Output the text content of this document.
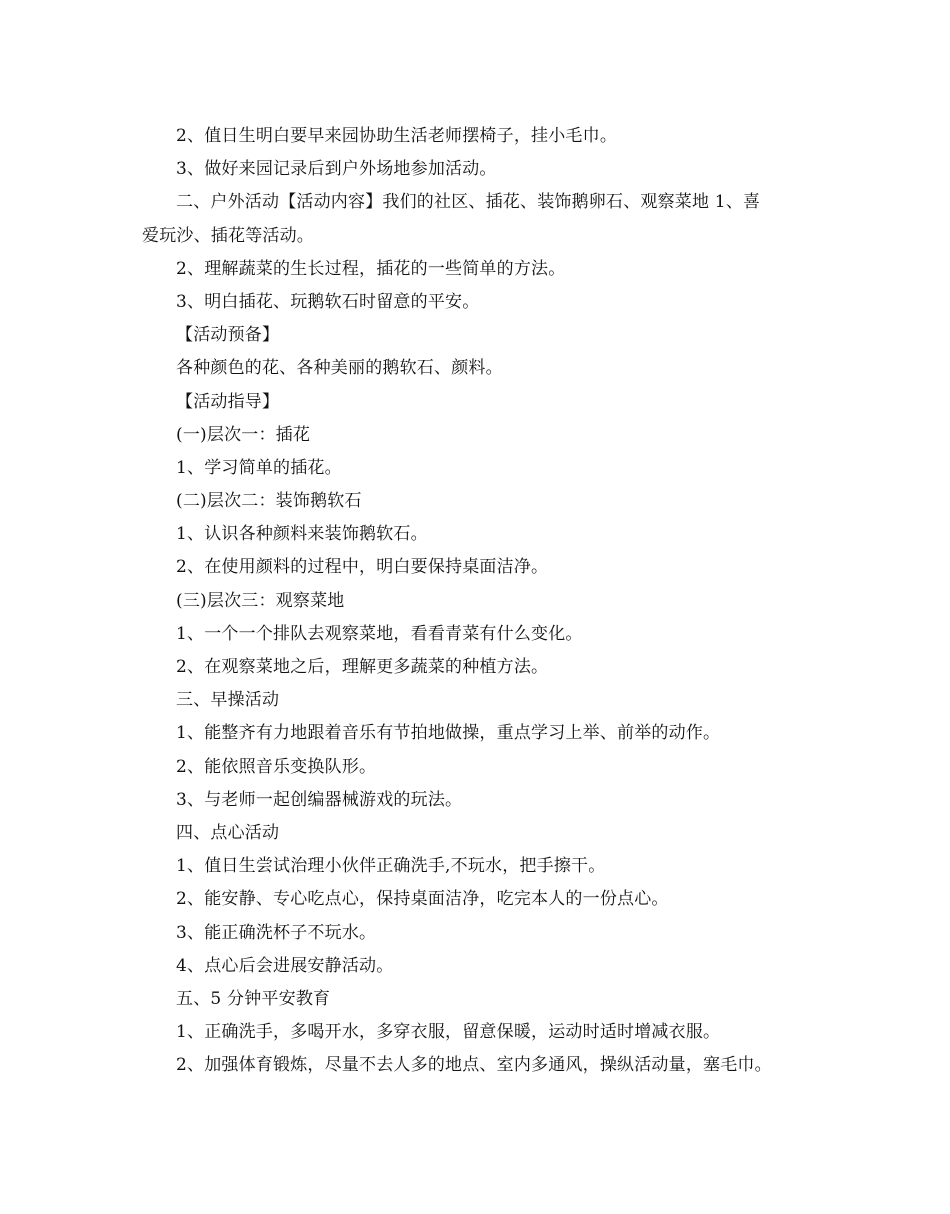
2、值日生明白要早来园协助生活老师摆椅子，挂小毛巾。
3、做好来园记录后到户外场地参加活动。
二、户外活动【活动内容】我们的社区、插花、装饰鹅卵石、观察菜地 1、喜
爱玩沙、插花等活动。
2、理解蔬菜的生长过程，插花的一些简单的方法。
3、明白插花、玩鹅软石时留意的平安。
【活动预备】
各种颜色的花、各种美丽的鹅软石、颜料。
【活动指导】
(一)层次一：插花
1、学习简单的插花。
(二)层次二：装饰鹅软石
1、认识各种颜料来装饰鹅软石。
2、在使用颜料的过程中，明白要保持桌面洁净。
(三)层次三：观察菜地
1、一个一个排队去观察菜地，看看青菜有什么变化。
2、在观察菜地之后，理解更多蔬菜的种植方法。
三、早操活动
1、能整齐有力地跟着音乐有节拍地做操，重点学习上举、前举的动作。
2、能依照音乐变换队形。
3、与老师一起创编器械游戏的玩法。
四、点心活动
1、值日生尝试治理小伙伴正确洗手,不玩水，把手擦干。
2、能安静、专心吃点心，保持桌面洁净，吃完本人的一份点心。
3、能正确洗杯子不玩水。
4、点心后会进展安静活动。
五、5 分钟平安教育
1、正确洗手，多喝开水，多穿衣服，留意保暖，运动时适时增减衣服。
2、加强体育锻炼，尽量不去人多的地点、室内多通风，操纵活动量，塞毛巾。
